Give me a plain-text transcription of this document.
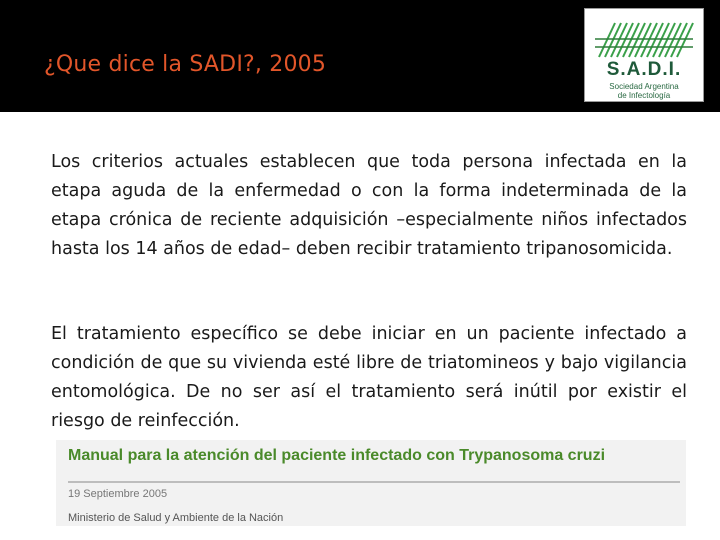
¿Que dice la SADI?, 2005	S.A.D.I.
Sociedad Argentina
de Infectología

Los criterios actuales establecen que toda persona infectada en la etapa aguda de la enfermedad o con la forma indeterminada de la etapa crónica de reciente adquisición –especialmente niños infectados hasta los 14 años de edad– deben recibir tratamiento tripanosomicida.

El tratamiento específico se debe iniciar en un paciente infectado a condición de que su vivienda esté libre de triatomineos y bajo vigilancia entomológica. De no ser así el tratamiento será inútil por existir el riesgo de reinfección.

Manual para la atención del paciente infectado con Trypanosoma cruzi
19 Septiembre 2005
Ministerio de Salud y Ambiente de la Nación
